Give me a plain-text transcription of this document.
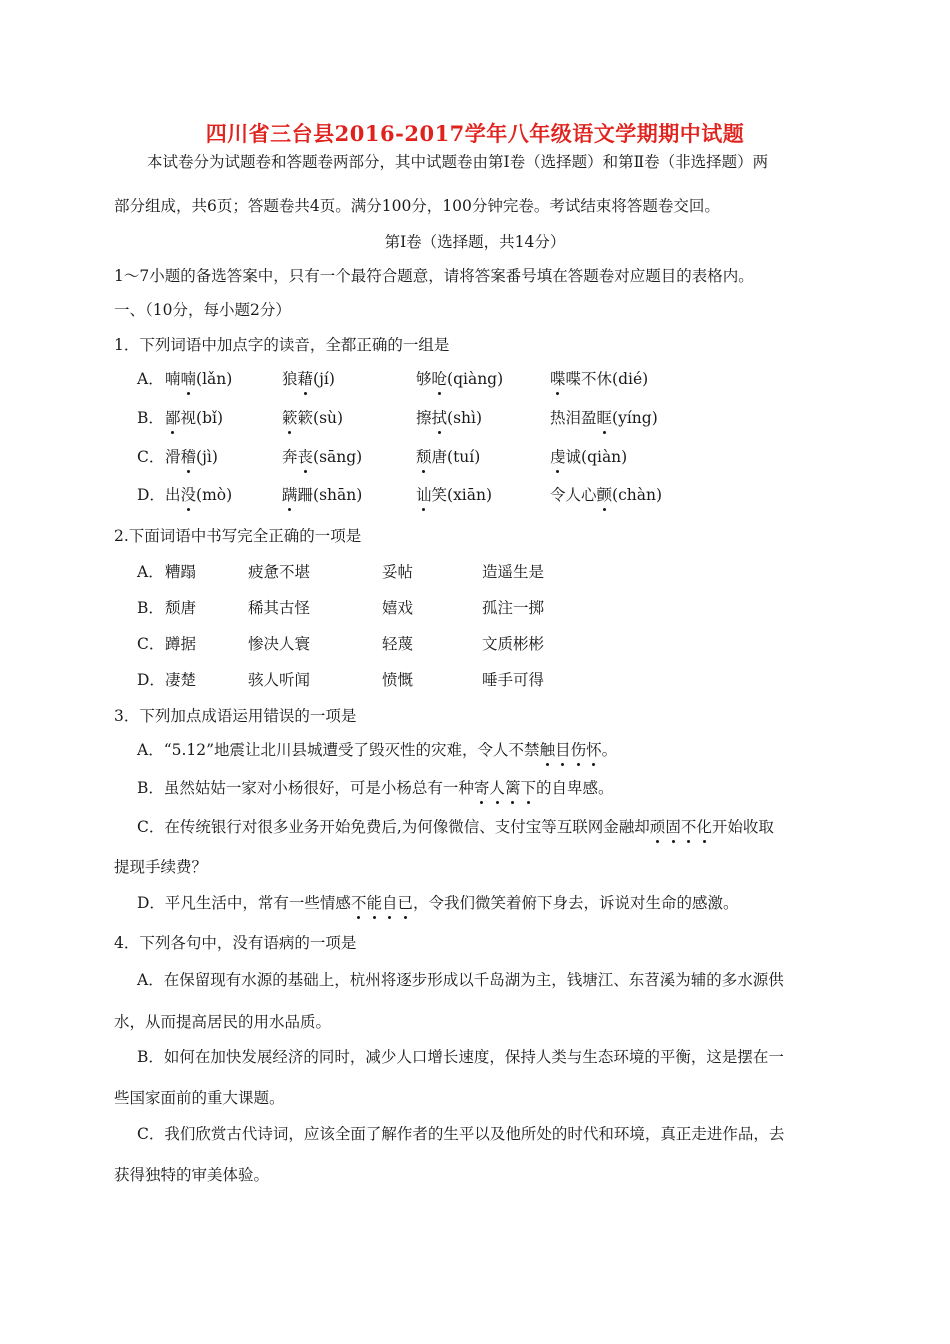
四川省三台县2016-2017学年八年级语文学期期中试题
本试卷分为试题卷和答题卷两部分，其中试题卷由第Ⅰ卷（选择题）和第Ⅱ卷（非选择题）两
部分组成，共6页；答题卷共4页。满分100分，100分钟完卷。考试结束将答题卷交回。
第Ⅰ卷（选择题，共14分）
1～7小题的备选答案中，只有一个最符合题意，请将答案番号填在答题卷对应题目的表格内。
一、（10分，每小题2分）
1．下列词语中加点字的读音，全都正确的一组是
A． 喃喃(lǎn)	狼藉(jí)	够呛(qiàng)	喋喋不休(dié)
B． 鄙视(bǐ)	簌簌(sù)	擦拭(shì)	热泪盈眶(yíng)
C． 滑稽(jì)	奔丧(sāng)	颓唐(tuí)	虔诚(qiàn)
D． 出没(mò)	蹒跚(shān)	讪笑(xiān)	令人心颤(chàn)
2.下面词语中书写完全正确的一项是
A． 糟蹋	疲惫不堪	妥帖	造遥生是
B． 颓唐	稀其古怪	嬉戏	孤注一掷
C． 蹲据	惨决人寰	轻蔑	文质彬彬
D． 凄楚	骇人听闻	愤慨	唾手可得
3．下列加点成语运用错误的一项是
A．“5.12”地震让北川县城遭受了毁灭性的灾难，令人不禁触目伤怀。
B．虽然姑姑一家对小杨很好，可是小杨总有一种寄人篱下的自卑感。
C．在传统银行对很多业务开始免费后,为何像微信、支付宝等互联网金融却顽固不化开始收取
提现手续费？
D．平凡生活中，常有一些情感不能自已，令我们微笑着俯下身去，诉说对生命的感激。
4．下列各句中，没有语病的一项是
A．在保留现有水源的基础上，杭州将逐步形成以千岛湖为主，钱塘江、东苕溪为辅的多水源供
水，从而提高居民的用水品质。
B．如何在加快发展经济的同时，减少人口增长速度，保持人类与生态环境的平衡，这是摆在一
些国家面前的重大课题。
C．我们欣赏古代诗词，应该全面了解作者的生平以及他所处的时代和环境，真正走进作品，去
获得独特的审美体验。
